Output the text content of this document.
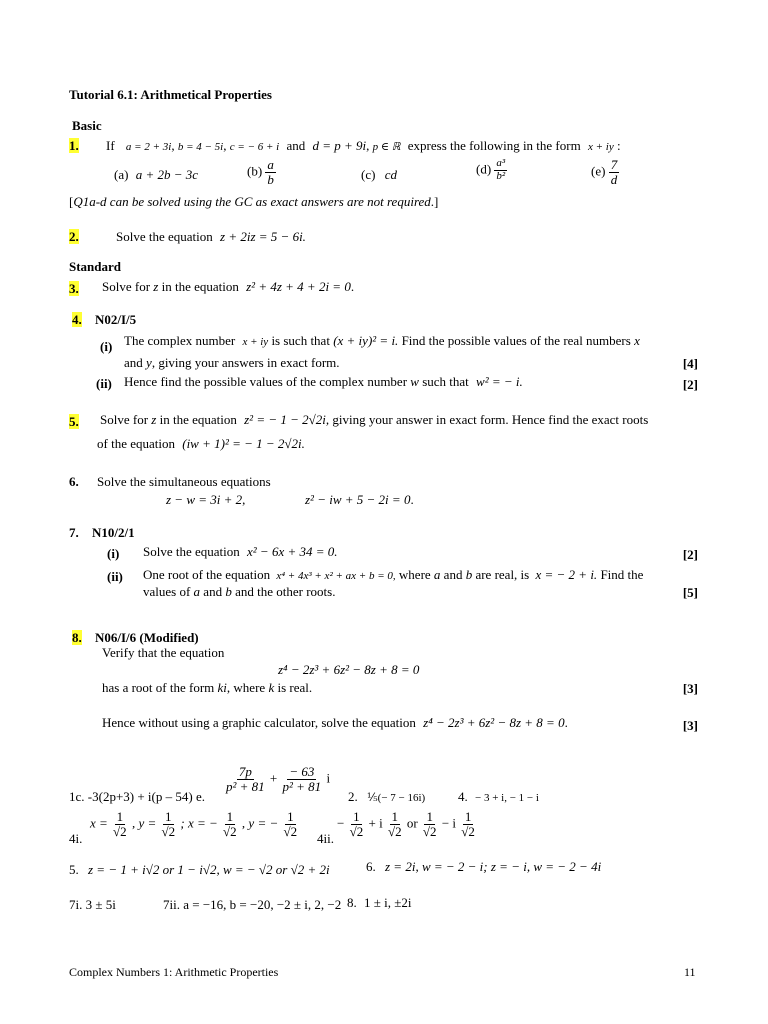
Tutorial 6.1: Arithmetical Properties
Basic
1. If a = 2 + 3i, b = 4 − 5i, c = − 6 + i and d = p + 9i, p ∈ ℝ express the following in the form x + iy :
(a) a + 2b − 3c	$(b) \frac{a}{b}$	(c) cd	$(d) \frac{\text{a³}}{\text{b²}}$	$(e) \frac{7}{d}$
[Q1a-d can be solved using the GC as exact answers are not required.]
2.	Solve the equation z + 2iz = 5 − 6i.
Standard
3. Solve for z in the equation z² + 4z + 4 + 2i = 0.
4. N02/I/5
(i) The complex number x + iy is such that (x + iy)² = i. Find the possible values of the real numbers x
and y, giving your answers in exact form.	[4]
(ii) Hence find the possible values of the complex number w such that w² = − i.	[2]
5. Solve for z in the equation z² = − 1 − 2√2i, giving your answer in exact form. Hence find the exact roots
of the equation (iw + 1)² = − 1 − 2√2i.
6. Solve the simultaneous equations
z − w = 3i + 2,	z² − iw + 5 − 2i = 0.
7. N10/2/1
(i) Solve the equation x² − 6x + 34 = 0.	[2]
(ii) One root of the equation x⁴ + 4x³ + x² + ax + b = 0, where a and b are real, is x = − 2 + i. Find the
values of a and b and the other roots.	[5]
8. N06/I/6 (Modified)
Verify that the equation
z⁴ − 2z³ + 6z² − 8z + 8 = 0
has a root of the form ki, where k is real.	[3]
Hence without using a graphic calculator, solve the equation z⁴ − 2z³ + 6z² − 8z + 8 = 0.	[3]
1c. -3(2p+3) + i(p – 54) e.
$\frac{7p}{\text{p² + 81}} + \frac{- 63}{\text{p² + 81}}$ i
2. ⅕(− 7 − 16i)	4. − 3 + i, − 1 − i
$x = \frac{1}{√2}$ , $y = \frac{1}{√2}$ ; x = − $\frac{1}{√2}$ , y = − $\frac{1}{√2}$
4i.	4ii.
− $\frac{1}{√2} + i \frac{1}{√2}$ or $\frac{1}{√2} - i \frac{1}{√2}$
5. z = − 1 + i√2 or 1 − i√2, w = − √2 or √2 + 2i	6. z = 2i, w = − 2 − i; z = − i, w = − 2 − 4i
7i. 3 ± 5i	7ii. a = −16, b = −20, −2 ± i, 2, −2 8. 1 ± i, ±2i
Complex Numbers 1: Arithmetic Properties	11
